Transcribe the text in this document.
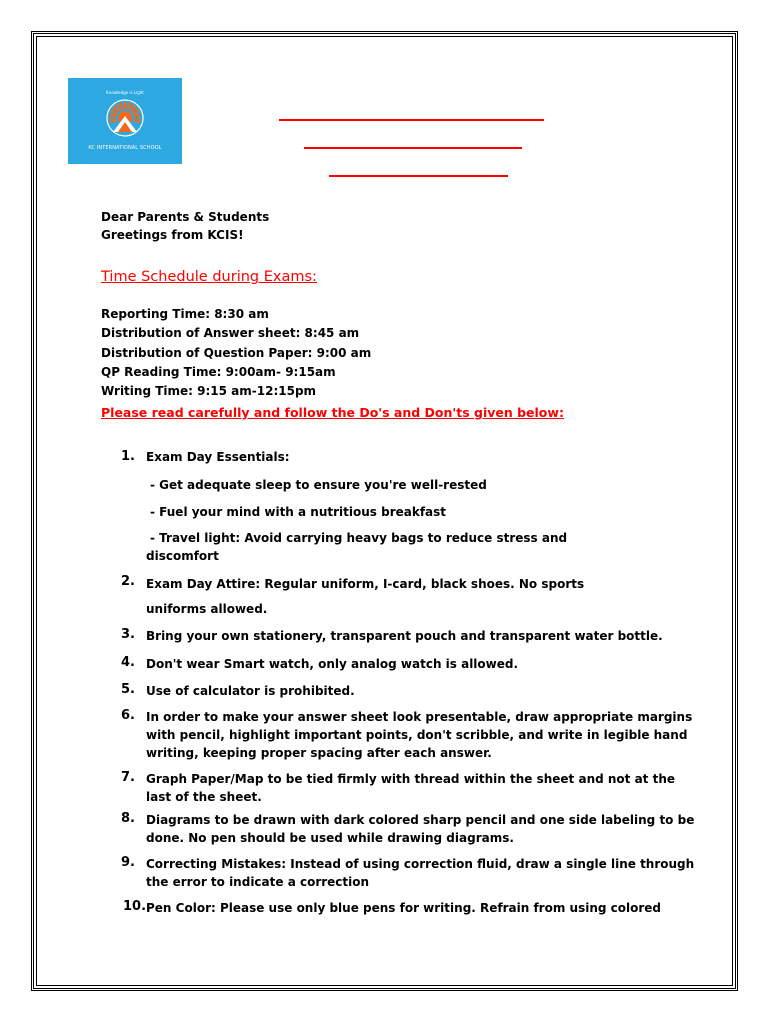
Knowledge is Light
KC INTERNATIONAL SCHOOL
Dear Parents & Students
Greetings from KCIS!
Time Schedule during Exams:
Reporting Time: 8:30 am
Distribution of Answer sheet: 8:45 am
Distribution of Question Paper: 9:00 am
QP Reading Time: 9:00am- 9:15am
Writing Time: 9:15 am-12:15pm
Please read carefully and follow the Do's and Don'ts given below:
1. Exam Day Essentials:
- Get adequate sleep to ensure you're well-rested
- Fuel your mind with a nutritious breakfast
- Travel light: Avoid carrying heavy bags to reduce stress and
discomfort
2. Exam Day Attire: Regular uniform, I-card, black shoes. No sports
uniforms allowed.
3. Bring your own stationery, transparent pouch and transparent water bottle.
4. Don't wear Smart watch, only analog watch is allowed.
5. Use of calculator is prohibited.
6. In order to make your answer sheet look presentable, draw appropriate margins
with pencil, highlight important points, don't scribble, and write in legible hand
writing, keeping proper spacing after each answer.
7. Graph Paper/Map to be tied firmly with thread within the sheet and not at the
last of the sheet.
8. Diagrams to be drawn with dark colored sharp pencil and one side labeling to be
done. No pen should be used while drawing diagrams.
9. Correcting Mistakes: Instead of using correction fluid, draw a single line through
the error to indicate a correction
10. Pen Color: Please use only blue pens for writing. Refrain from using colored
